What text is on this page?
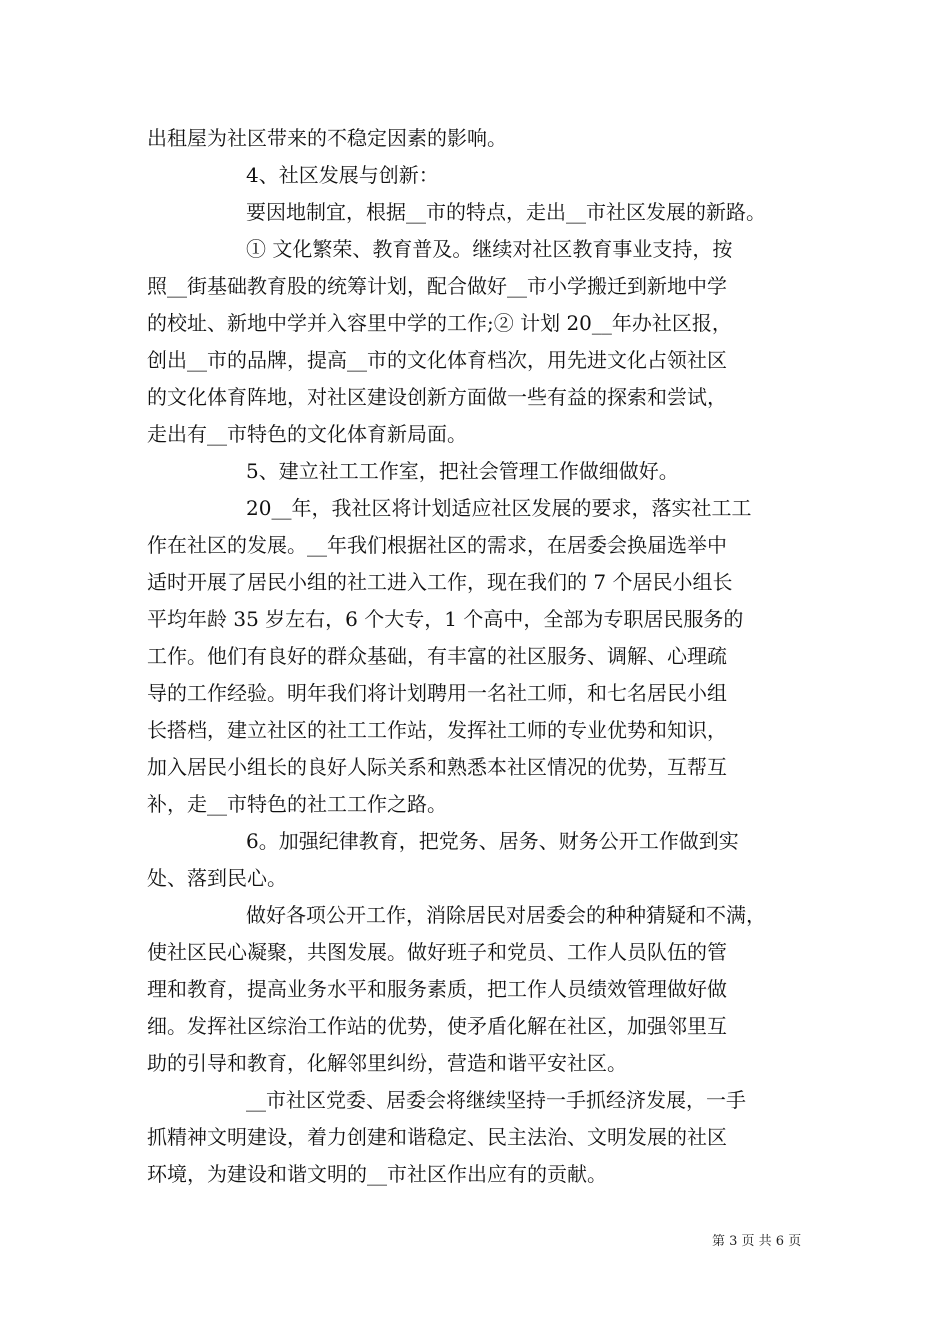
出租屋为社区带来的不稳定因素的影响。
4、社区发展与创新：
要因地制宜，根据__市的特点，走出__市社区发展的新路。
① 文化繁荣、教育普及。继续对社区教育事业支持，按
照__街基础教育股的统筹计划，配合做好__市小学搬迁到新地中学
的校址、新地中学并入容里中学的工作;② 计划 20__年办社区报，
创出__市的品牌，提高__市的文化体育档次，用先进文化占领社区
的文化体育阵地，对社区建设创新方面做一些有益的探索和尝试，
走出有__市特色的文化体育新局面。
5、建立社工工作室，把社会管理工作做细做好。
20__年，我社区将计划适应社区发展的要求，落实社工工
作在社区的发展。__年我们根据社区的需求，在居委会换届选举中
适时开展了居民小组的社工进入工作，现在我们的 7 个居民小组长
平均年龄 35 岁左右，6 个大专，1 个高中，全部为专职居民服务的
工作。他们有良好的群众基础，有丰富的社区服务、调解、心理疏
导的工作经验。明年我们将计划聘用一名社工师，和七名居民小组
长搭档，建立社区的社工工作站，发挥社工师的专业优势和知识，
加入居民小组长的良好人际关系和熟悉本社区情况的优势，互帮互
补，走__市特色的社工工作之路。
6。加强纪律教育，把党务、居务、财务公开工作做到实
处、落到民心。
做好各项公开工作，消除居民对居委会的种种猜疑和不满，
使社区民心凝聚，共图发展。做好班子和党员、工作人员队伍的管
理和教育，提高业务水平和服务素质，把工作人员绩效管理做好做
细。发挥社区综治工作站的优势，使矛盾化解在社区，加强邻里互
助的引导和教育，化解邻里纠纷，营造和谐平安社区。
__市社区党委、居委会将继续坚持一手抓经济发展，一手
抓精神文明建设，着力创建和谐稳定、民主法治、文明发展的社区
环境，为建设和谐文明的__市社区作出应有的贡献。
第 3 页 共 6 页
